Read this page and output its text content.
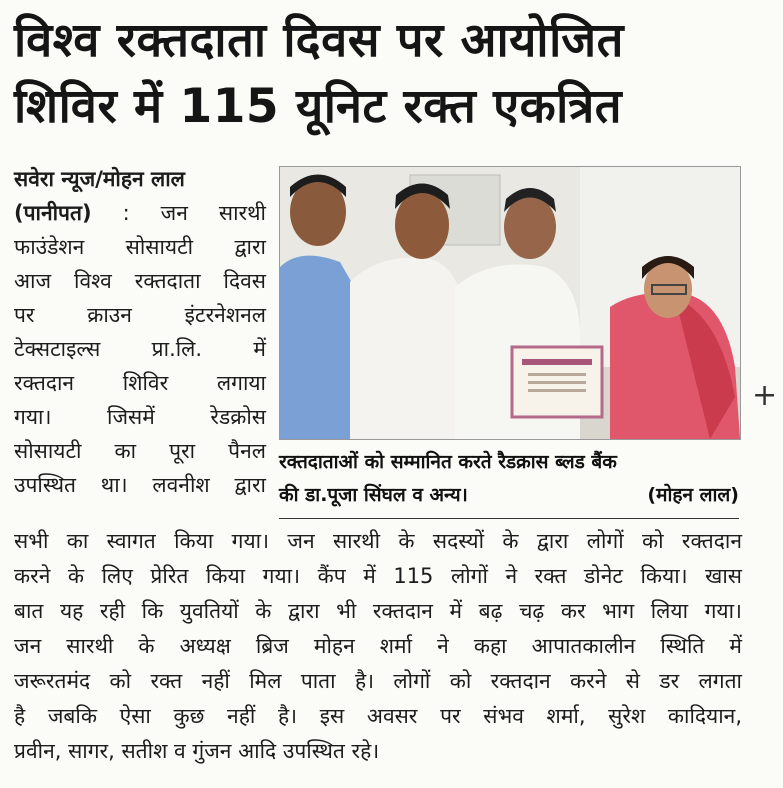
विश्व रक्तदाता दिवस पर आयोजित
शिविर में 115 यूनिट रक्त एकत्रित
सवेरा न्यूज/मोहन लाल
(पानीपत) : जन सारथी
फाउंडेशन सोसायटी द्वारा
आज विश्व रक्तदाता दिवस
पर क्राउन इंटरनेशनल
टेक्सटाइल्स प्रा.लि. में
रक्तदान शिविर लगाया
गया। जिसमें रेडक्रोस
सोसायटी का पूरा पैनल
उपस्थित था। लवनीश द्वारा
+
रक्तदाताओं को सम्मानित करते रैडक्रास ब्लड बैंक
की डा.पूजा सिंघल व अन्य।	(मोहन लाल)
सभी का स्वागत किया गया। जन सारथी के सदस्यों के द्वारा लोगों को रक्तदान
करने के लिए प्रेरित किया गया। कैंप में 115 लोगों ने रक्त डोनेट किया। खास
बात यह रही कि युवतियों के द्वारा भी रक्तदान में बढ़ चढ़ कर भाग लिया गया।
जन सारथी के अध्यक्ष ब्रिज मोहन शर्मा ने कहा आपातकालीन स्थिति में
जरूरतमंद को रक्त नहीं मिल पाता है। लोगों को रक्तदान करने से डर लगता
है जबकि ऐसा कुछ नहीं है। इस अवसर पर संभव शर्मा, सुरेश कादियान,
प्रवीन, सागर, सतीश व गुंजन आदि उपस्थित रहे।
